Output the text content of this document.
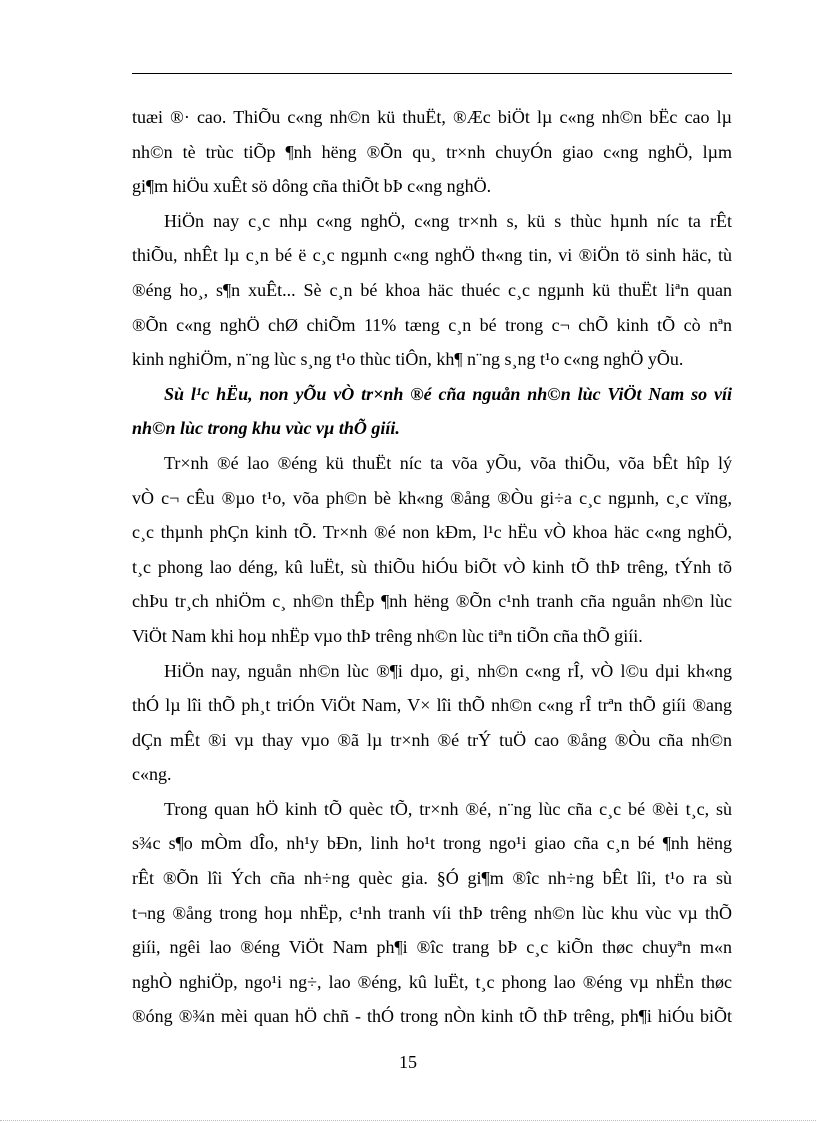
tuæi ®· cao. ThiÕu c«ng nh©n kü thuËt, ®Æc biÖt lµ c«ng nh©n bËc cao lµ

nh©n tè trùc tiÕp ¶nh hëng ®Õn qu¸ tr×nh chuyÓn giao c«ng nghÖ, lµm

gi¶m hiÖu xuÊt sö dông cña thiÕt bÞ c«ng nghÖ.

HiÖn nay c¸c nhµ c«ng nghÖ, c«ng tr×nh s, kü s thùc hµnh níc ta rÊt

thiÕu, nhÊt lµ c¸n bé ë c¸c ngµnh c«ng nghÖ th«ng tin, vi ®iÖn tö sinh häc, tù

®éng ho¸, s¶n xuÊt... Sè c¸n bé khoa häc thuéc c¸c ngµnh kü thuËt liªn quan

®Õn c«ng nghÖ chØ chiÕm 11% tæng c¸n bé trong c¬ chÕ kinh tÕ cò nªn

kinh nghiÖm, n¨ng lùc s¸ng t¹o thùc tiÔn, kh¶ n¨ng s¸ng t¹o c«ng nghÖ yÕu.

Sù l¹c hËu, non yÕu vÒ tr×nh ®é cña nguån nh©n lùc ViÖt Nam so víi

nh©n lùc trong khu vùc vµ thÕ giíi.

Tr×nh ®é lao ®éng kü thuËt níc ta võa yÕu, võa thiÕu, võa bÊt hîp lý

vÒ c¬ cÊu ®µo t¹o, võa ph©n bè kh«ng ®ång ®Òu gi÷a c¸c ngµnh, c¸c vïng,

c¸c thµnh phÇn kinh tÕ. Tr×nh ®é non kÐm, l¹c hËu vÒ khoa häc c«ng nghÖ,

t¸c phong lao déng, kû luËt, sù thiÕu hiÓu biÕt vÒ kinh tÕ thÞ trêng, tÝnh tõ

chÞu tr¸ch nhiÖm c¸ nh©n thÊp ¶nh hëng ®Õn c¹nh tranh cña nguån nh©n lùc

ViÖt Nam khi hoµ nhËp vµo thÞ trêng nh©n lùc tiªn tiÕn cña thÕ giíi.

HiÖn nay, nguån nh©n lùc ®¶i dµo, gi¸ nh©n c«ng rÎ, vÒ l©u dµi kh«ng

thÓ lµ lîi thÕ ph¸t triÓn ViÖt Nam, V× lîi thÕ nh©n c«ng rÎ trªn thÕ giíi ®ang

dÇn mÊt ®i vµ thay vµo ®ã lµ tr×nh ®é trÝ tuÖ cao ®ång ®Òu cña nh©n

c«ng.

Trong quan hÖ kinh tÕ quèc tÕ, tr×nh ®é, n¨ng lùc cña c¸c bé ®èi t¸c, sù

s¾c s¶o mÒm dÎo, nh¹y bÐn, linh ho¹t trong ngo¹i giao cña c¸n bé ¶nh hëng

rÊt ®Õn lîi Ých cña nh÷ng quèc gia. §Ó gi¶m ®îc nh÷ng bÊt lîi, t¹o ra sù

t¬ng ®ång trong hoµ nhËp, c¹nh tranh víi thÞ trêng nh©n lùc khu vùc vµ thÕ

giíi, ngêi lao ®éng ViÖt Nam ph¶i ®îc trang bÞ c¸c kiÕn thøc chuyªn m«n

nghÒ nghiÖp, ngo¹i ng÷, lao ®éng, kû luËt, t¸c phong lao ®éng vµ nhËn thøc

®óng ®¾n mèi quan hÖ chñ - thÓ trong nÒn kinh tÕ thÞ trêng, ph¶i hiÓu biÕt

15
